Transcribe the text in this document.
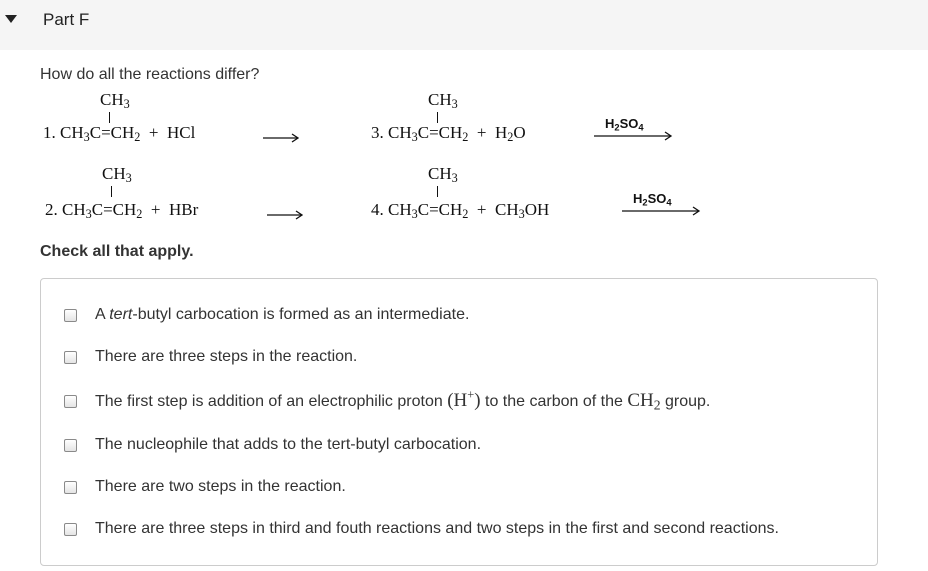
Part F
How do all the reactions differ?
$CH_3$
1. $CH_3C=CH_2$  +  HCl
$CH_3$
2. $CH_3C=CH_2$  +  HBr
$CH_3$
3. $CH_3C=CH_2 + H_2O$	$H_2SO_4$
$CH_3$
4. $CH_3C=CH_2 + CH_3OH$
$H_2SO_4$
Check all that apply.
A tert-butyl carbocation is formed as an intermediate.
There are three steps in the reaction.
The first step is addition of an electrophilic proton (H+) to the carbon of the $CH_2$ group.
The nucleophile that adds to the tert-butyl carbocation.
There are two steps in the reaction.
There are three steps in third and fouth reactions and two steps in the first and second reactions.
